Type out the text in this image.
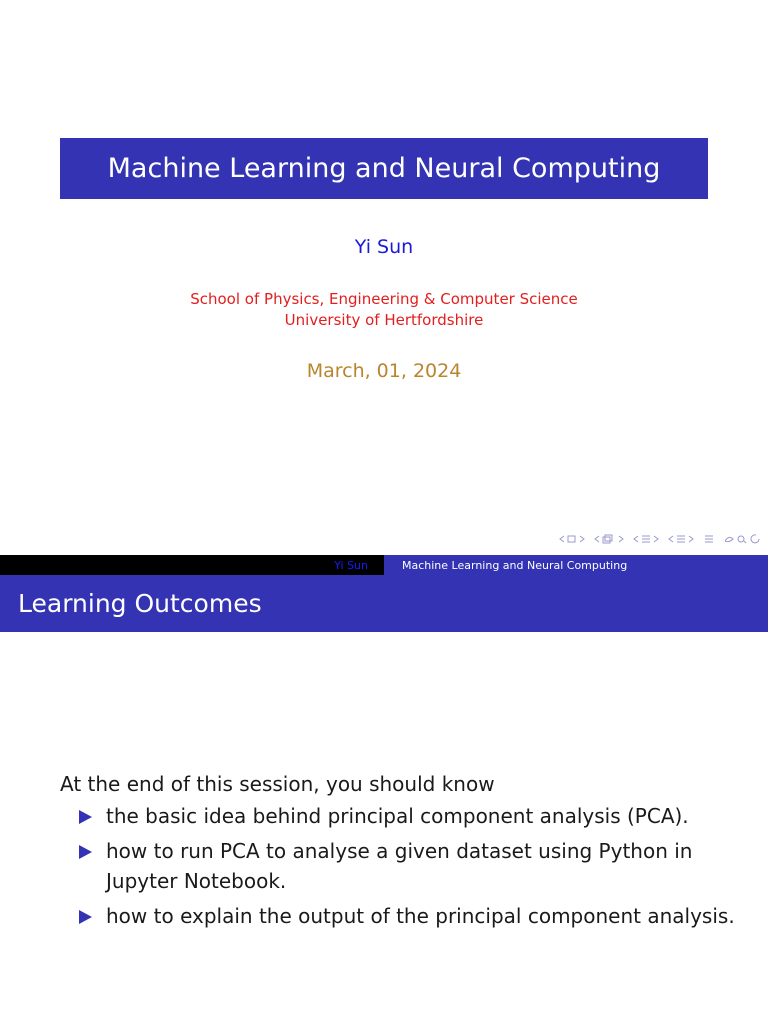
Machine Learning and Neural Computing
Yi Sun
School of Physics, Engineering & Computer Science
University of Hertfordshire
March, 01, 2024
Yi Sun	Machine Learning and Neural Computing
Learning Outcomes
At the end of this session, you should know
the basic idea behind principal component analysis (PCA).
how to run PCA to analyse a given dataset using Python in Jupyter Notebook.
how to explain the output of the principal component analysis.
